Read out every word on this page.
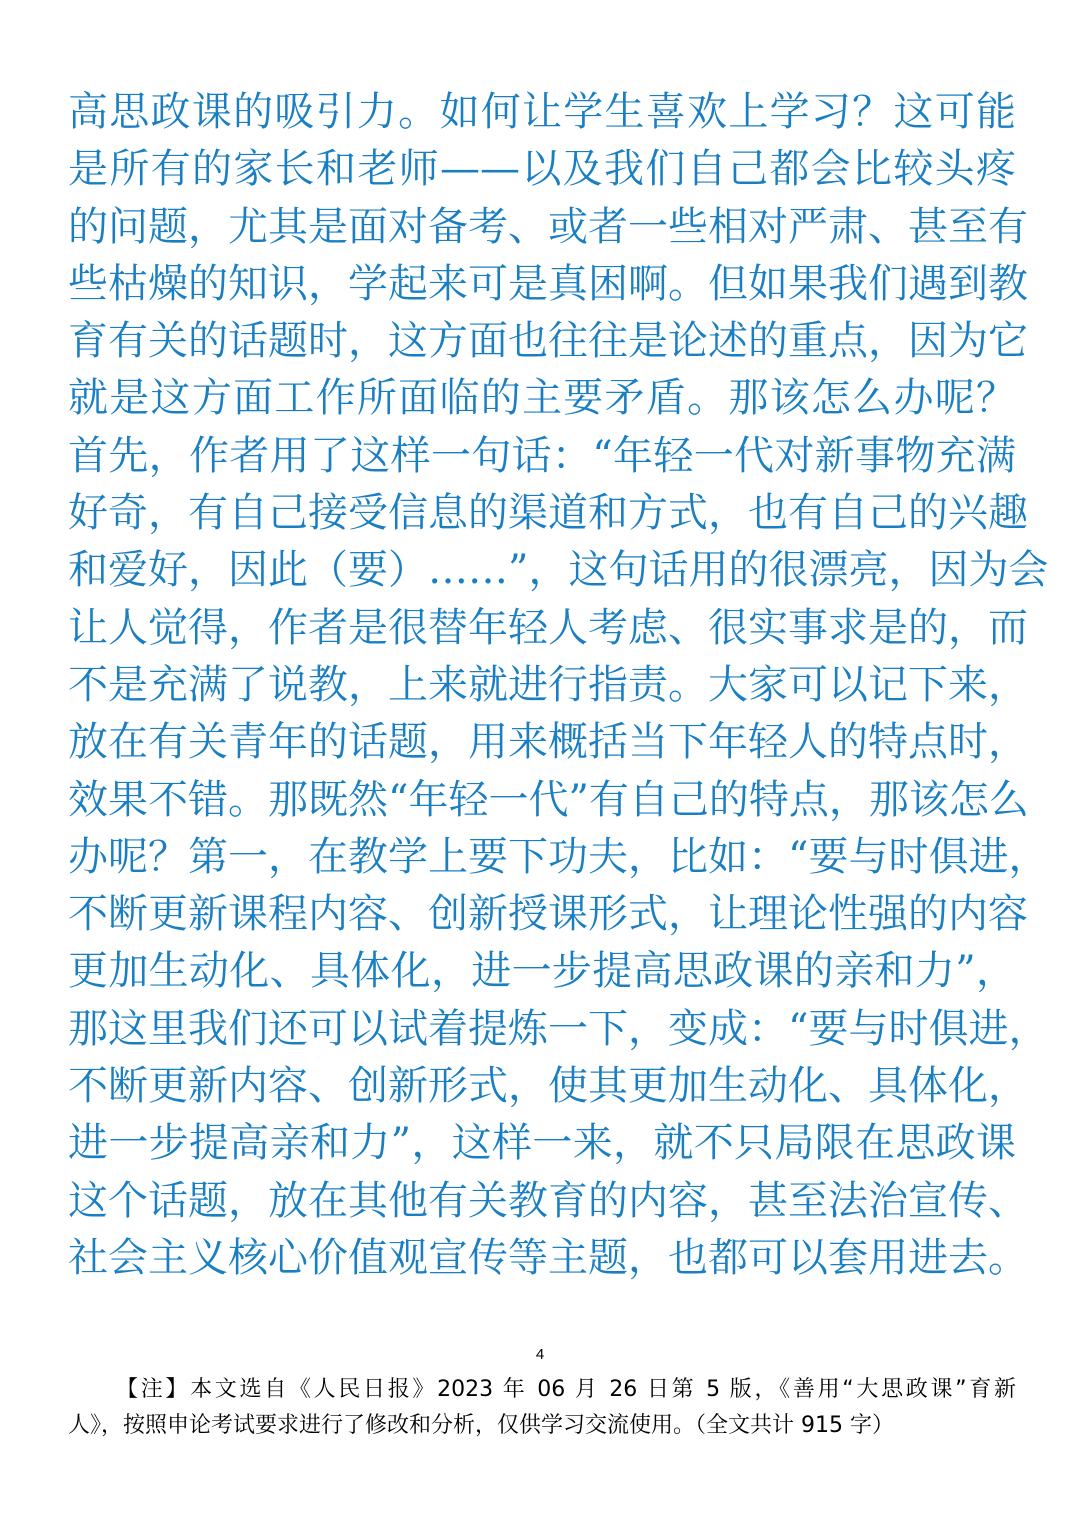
高思政课的吸引力。如何让学生喜欢上学习？这可能
是所有的家长和老师——以及我们自己都会比较头疼
的问题，尤其是面对备考、或者一些相对严肃、甚至有
些枯燥的知识，学起来可是真困啊。但如果我们遇到教
育有关的话题时，这方面也往往是论述的重点，因为它
就是这方面工作所面临的主要矛盾。那该怎么办呢？
首先，作者用了这样一句话：“年轻一代对新事物充满
好奇，有自己接受信息的渠道和方式，也有自己的兴趣
和爱好，因此（要）……”，这句话用的很漂亮，因为会
让人觉得，作者是很替年轻人考虑、很实事求是的，而
不是充满了说教，上来就进行指责。大家可以记下来，
放在有关青年的话题，用来概括当下年轻人的特点时，
效果不错。那既然“年轻一代”有自己的特点，那该怎么
办呢？第一，在教学上要下功夫，比如：“要与时俱进，
不断更新课程内容、创新授课形式，让理论性强的内容
更加生动化、具体化，进一步提高思政课的亲和力”，
那这里我们还可以试着提炼一下，变成：“要与时俱进，
不断更新内容、创新形式，使其更加生动化、具体化，
进一步提高亲和力”，这样一来，就不只局限在思政课
这个话题，放在其他有关教育的内容，甚至法治宣传、
社会主义核心价值观宣传等主题，也都可以套用进去。
4
【注】本文选自《人民日报》2023 年 06 月 26 日第 5 版，《善用“大思政课”育新
人》，按照申论考试要求进行了修改和分析，仅供学习交流使用。（全文共计 915 字）
